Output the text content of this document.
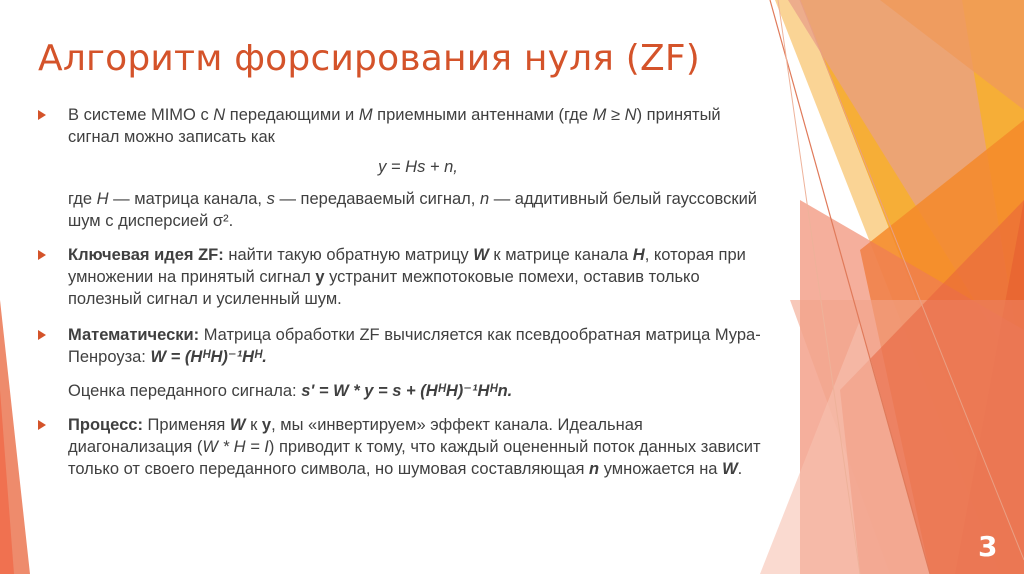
Алгоритм форсирования нуля (ZF)
В системе MIMO с N передающими и M приемными антеннами (где M ≥ N) принятый сигнал можно записать как
y = Hs + n,
где H — матрица канала, s — передаваемый сигнал, n — аддитивный белый гауссовский шум с дисперсией σ².
Ключевая идея ZF: найти такую обратную матрицу W к матрице канала H, которая при умножении на принятый сигнал y устранит межпотоковые помехи, оставив только полезный сигнал и усиленный шум.
Математически: Матрица обработки ZF вычисляется как псевдообратная матрица Мура-Пенроуза: W = (HᴴH)⁻¹Hᴴ.
Оценка переданного сигнала: s' = W * y = s + (HᴴH)⁻¹Hᴴn.
Процесс: Применяя W к y, мы «инвертируем» эффект канала. Идеальная диагонализация (W * H = I) приводит к тому, что каждый оцененный поток данных зависит только от своего переданного символа, но шумовая составляющая n умножается на W.
3
